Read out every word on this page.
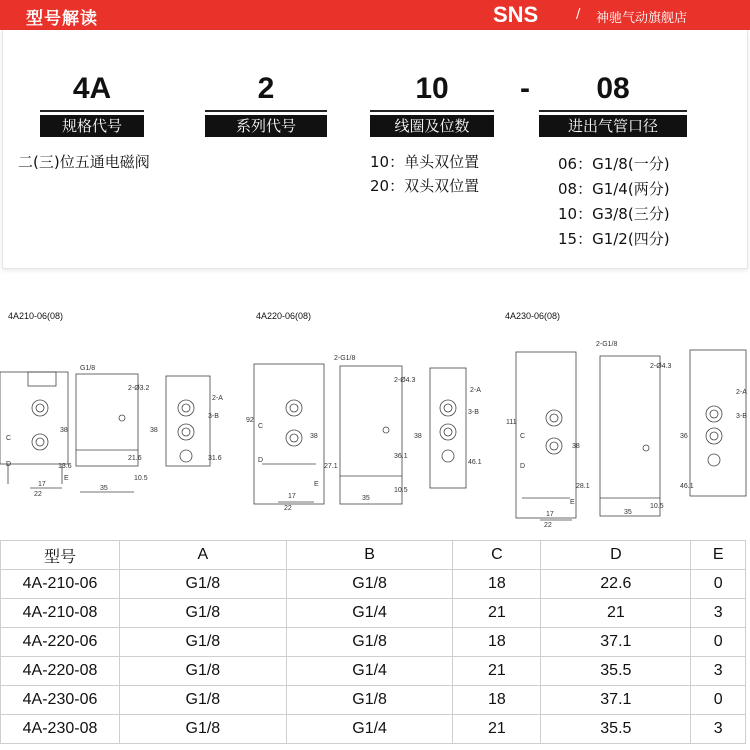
型号解读	SNS	/ 神驰气动旗舰店
4A	2	10	-	08
规格代号	系列代号	线圈及位数	进出气管口径
二(三)位五通电磁阀	10：单头双位置
20：双头双位置
06：G1/8(一分)
08：G1/4(两分)
10：G3/8(三分)
15：G1/2(四分)
4A210-06(08)	4A220-06(08)	4A230-06(08)
C
D
E
G1/8
2-Ø3.2
2-A
3-B
38
21.6
13.6
31.6
17
22
35
10.5
38
92
C
D
E
2-G1/8
2-Ø4.3
2-A
3-B
38
27.1
36.1
46.1
17
22
35
10.5
38
111
C
D
E
2-G1/8
2-Ø4.3
2-A
3-B
38
28.1
36
46.1
17
22
35
10.5
型号	A	B	C	D	E
4A-210-06	G1/8	G1/8	18	22.6	0
4A-210-08	G1/8	G1/4	21	21	3
4A-220-06	G1/8	G1/8	18	37.1	0
4A-220-08	G1/8	G1/4	21	35.5	3
4A-230-06	G1/8	G1/8	18	37.1	0
4A-230-08	G1/8	G1/4	21	35.5	3
